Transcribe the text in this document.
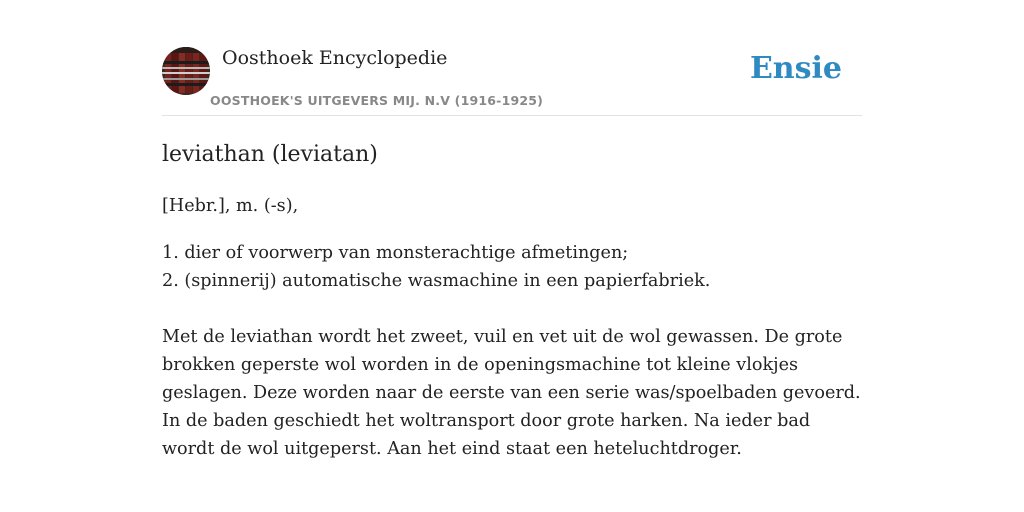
Oosthoek Encyclopedie
OOSTHOEK'S UITGEVERS MIJ. N.V (1916-1925)
Ensie
leviathan (leviatan)

[Hebr.], m. (-s),

1. dier of voorwerp van monsterachtige afmetingen;

2. (spinnerij) automatische wasmachine in een papierfabriek.

Met de leviathan wordt het zweet, vuil en vet uit de wol gewassen. De grote brokken geperste wol worden in de openingsmachine tot kleine vlokjes geslagen. Deze worden naar de eerste van een serie was/spoelbaden gevoerd. In de baden geschiedt het woltransport door grote harken. Na ieder bad wordt de wol uitgeperst. Aan het eind staat een heteluchtdroger.
